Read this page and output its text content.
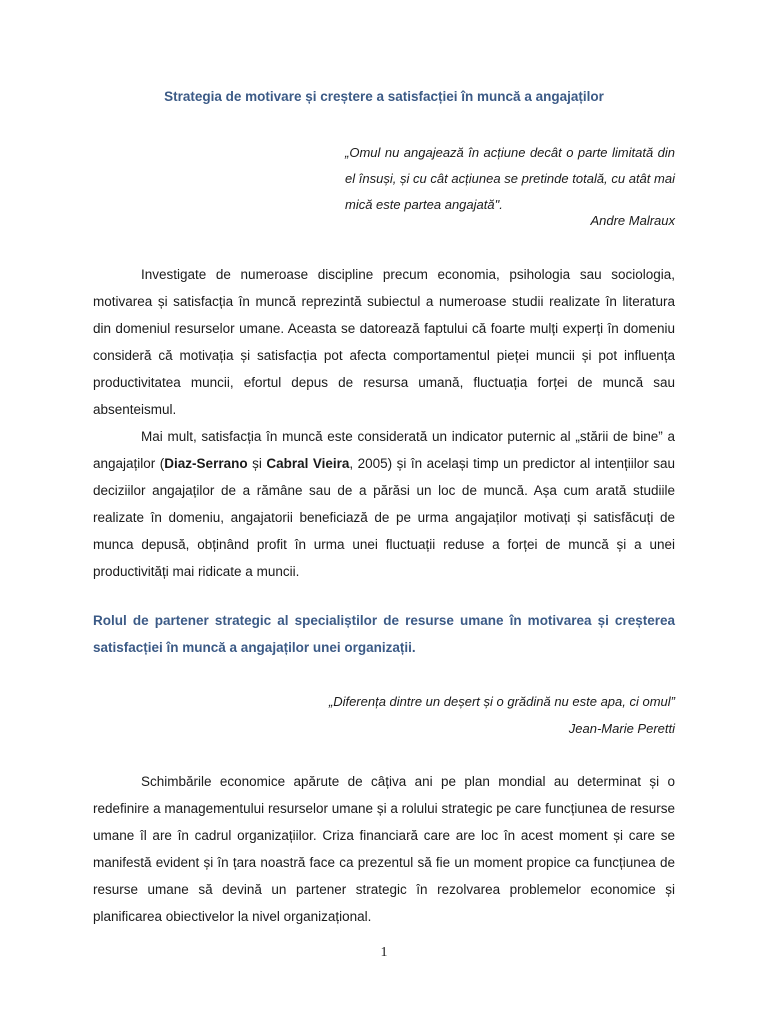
Strategia de motivare și creștere a satisfacției în muncă a angajaților
„Omul nu angajează în acțiune decât o parte limitată din el însuși, și cu cât acțiunea se pretinde totală, cu atât mai mică este partea angajată".
Andre Malraux

Investigate de numeroase discipline precum economia, psihologia sau sociologia, motivarea și satisfacția în muncă reprezintă subiectul a numeroase studii realizate în literatura din domeniul resurselor umane. Aceasta se datorează faptului că foarte mulți experți în domeniu consideră că motivația și satisfacția pot afecta comportamentul pieței muncii și pot influența productivitatea muncii, efortul depus de resursa umană, fluctuația forței de muncă sau absenteismul.

Mai mult, satisfacția în muncă este considerată un indicator puternic al „stării de bine” a angajaților (Diaz-Serrano și Cabral Vieira, 2005) și în același timp un predictor al intențiilor sau deciziilor angajaților de a rămâne sau de a părăsi un loc de muncă. Așa cum arată studiile realizate în domeniu, angajatorii beneficiază de pe urma angajaților motivați și satisfăcuți de munca depusă, obținând profit în urma unei fluctuații reduse a forței de muncă și a unei productivități mai ridicate a muncii.

Rolul de partener strategic al specialiștilor de resurse umane în motivarea și creșterea satisfacției în muncă a angajaților unei organizații.
„Diferența dintre un deșert și o grădină nu este apa, ci omul”
Jean-Marie Peretti

Schimbările economice apărute de câțiva ani pe plan mondial au determinat și o redefinire a managementului resurselor umane și a rolului strategic pe care funcțiunea de resurse umane îl are în cadrul organizațiilor. Criza financiară care are loc în acest moment și care se manifestă evident și în țara noastră face ca prezentul să fie un moment propice ca funcțiunea de resurse umane să devină un partener strategic în rezolvarea problemelor economice și planificarea obiectivelor la nivel organizațional.

1
